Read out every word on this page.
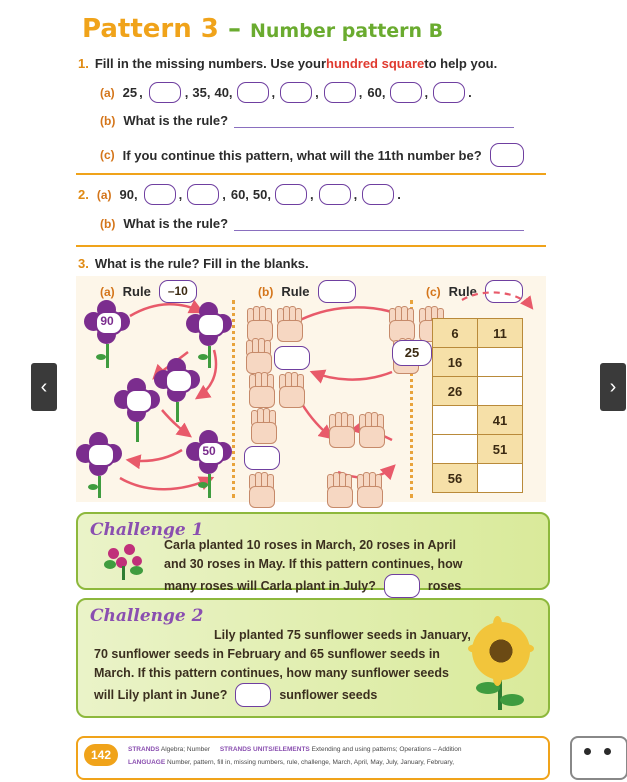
‹	›
Pattern 3 – Number pattern B
1. Fill in the missing numbers. Use your hundred square to help you.
(a) 25 ,	, 35, 40,	,	,	, 60,	,	.
(b) What is the rule?
(c) If you continue this pattern, what will the 11th number be?
2. (a) 90,	,	, 60, 50,	,	,	.
(b) What is the rule?
3. What is the rule? Fill in the blanks.
(a) Rule	–10	(b) Rule	(c) Rule
90
50
25
6	11
16	
26	
	41
	51
56	
Challenge 1
Carla planted 10 roses in March, 20 roses in April
and 30 roses in May. If this pattern continues, how
many roses will Carla plant in July?	roses
Challenge 2
Lily planted 75 sunflower seeds in January,
70 sunflower seeds in February and 65 sunflower seeds in
March. If this pattern continues, how many sunflower seeds
will Lily plant in June?	sunflower seeds
142	STRANDS Algebra; Number STRANDS UNITS/ELEMENTS Extending and using patterns; Operations – Addition
LANGUAGE Number, pattern, fill in, missing numbers, rule, challenge, March, April, May, July, January, February,
